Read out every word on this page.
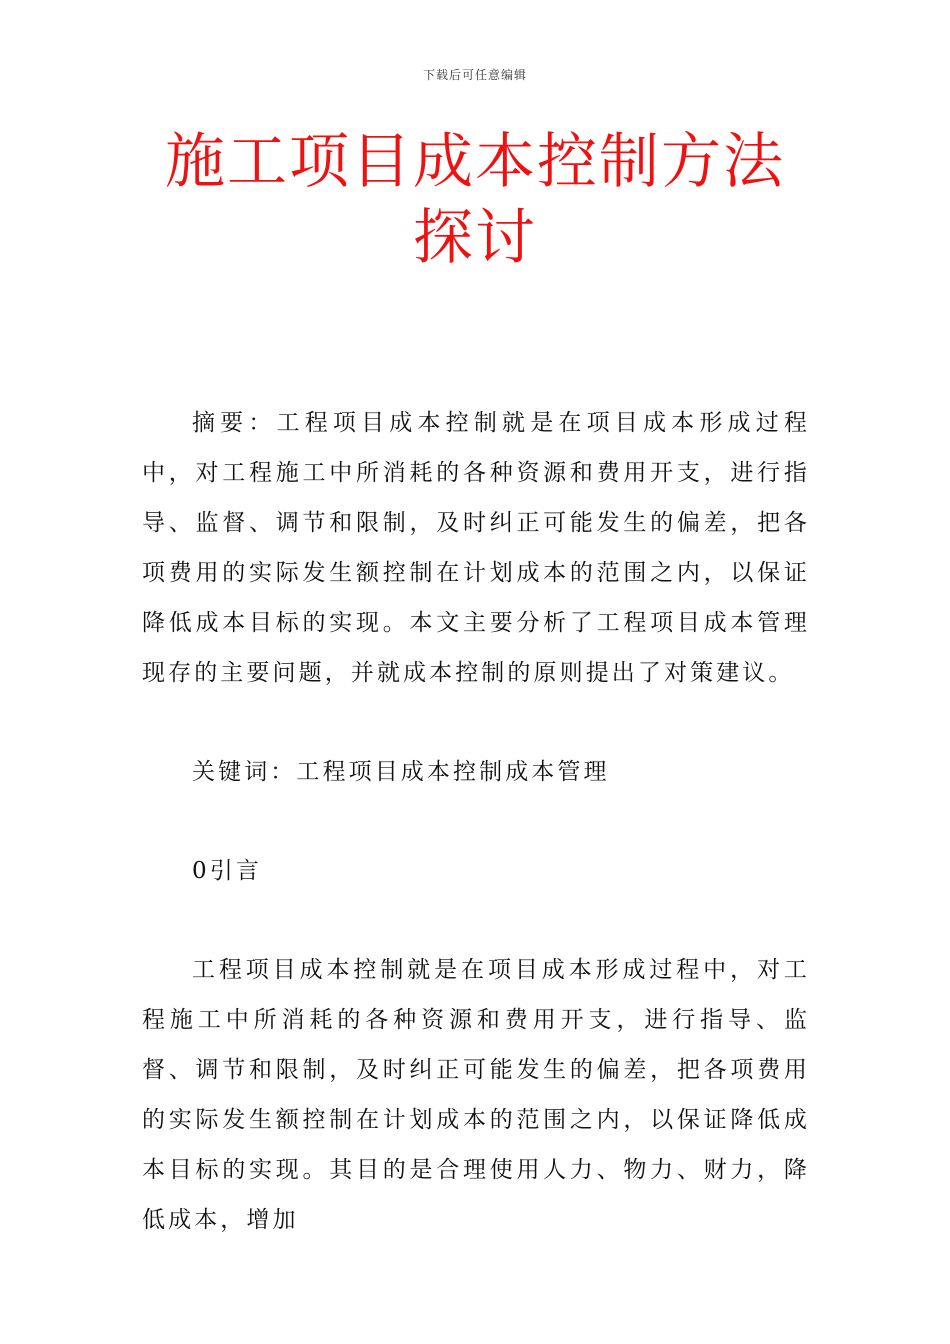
下载后可任意编辑
施工项目成本控制方法探讨

摘要：工程项目成本控制就是在项目成本形成过程中，对工程施工中所消耗的各种资源和费用开支，进行指导、监督、调节和限制，及时纠正可能发生的偏差，把各项费用的实际发生额控制在计划成本的范围之内，以保证降低成本目标的实现。本文主要分析了工程项目成本管理现存的主要问题，并就成本控制的原则提出了对策建议。

关键词：工程项目成本控制成本管理

0引言

工程项目成本控制就是在项目成本形成过程中，对工程施工中所消耗的各种资源和费用开支，进行指导、监督、调节和限制，及时纠正可能发生的偏差，把各项费用的实际发生额控制在计划成本的范围之内，以保证降低成本目标的实现。其目的是合理使用人力、物力、财力，降低成本，增加
